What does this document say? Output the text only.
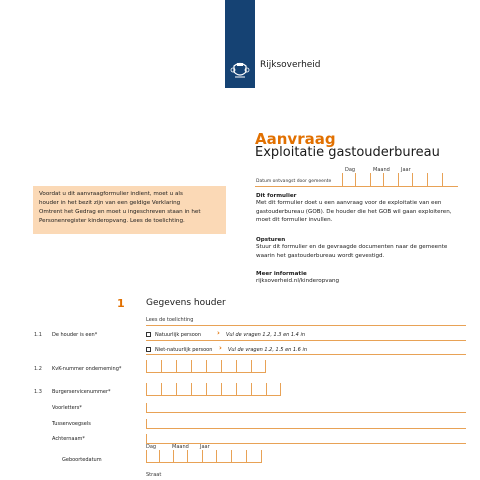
Rijksoverheid
Aanvraag
Exploitatie gastouderbureau
Dag	Maand Jaar
Datum ontvangst door gemeente

Voordat u dit aanvraagformulier indient, moet u als

houder in het bezit zijn van een geldige Verklaring

Omtrent het Gedrag en moet u ingeschreven staan in het

Personenregister kinderopvang. Lees de toelichting.

Dit formulier
Met dit formulier doet u een aanvraag voor de exploitatie van een
gastouderbureau (GOB). De houder die het GOB wil gaan exploiteren,
moet dit formulier invullen.
Opsturen
Stuur dit formulier en de gevraagde documenten naar de gemeente
waarin het gastouderbureau wordt gevestigd.
Meer informatie
rijksoverheid.nl/kinderopvang
1 Gegevens houder
Lees de toelichting
1.1 De houder is een*	Natuurlijk persoon › Vul de vragen 1.2, 1.3 en 1.4 in
Niet-natuurlijk persoon › Vul de vragen 1.2, 1.5 en 1.6 in
1.2 KvK-nummer onderneming*
1.3 Burgerservicenummer*
Voorletters*
Tussenvoegsels
Achternaam*
Dag	Maand Jaar
Geboortedatum
Straat
